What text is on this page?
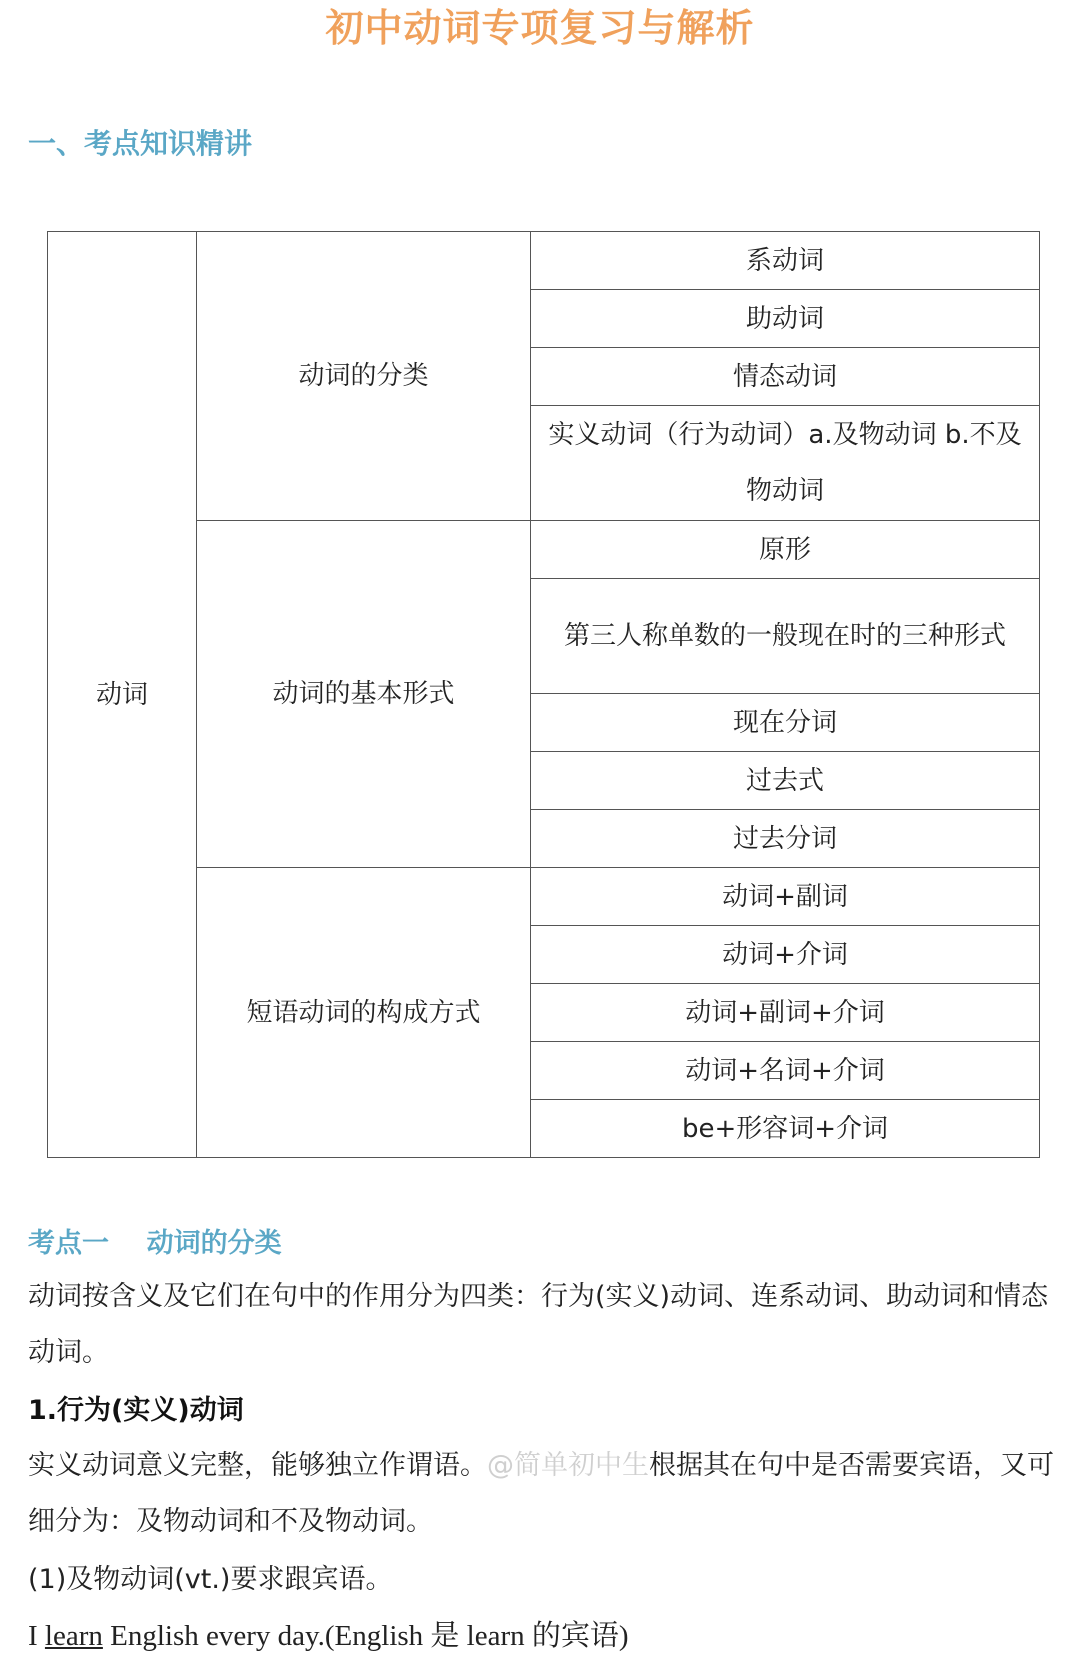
初中动词专项复习与解析
一、考点知识精讲
动词	动词的分类	系动词
		助动词
		情态动词
		实义动词（行为动词）a.及物动词 b.不及物动词
	动词的基本形式	原形
		第三人称单数的一般现在时的三种形式
		现在分词
		过去式
		过去分词
	短语动词的构成方式	动词+副词
		动词+介词
		动词+副词+介词
		动词+名词+介词
		be+形容词+介词
考点一    动词的分类
动词按含义及它们在句中的作用分为四类：行为(实义)动词、连系动词、助动词和情态动词。
1.行为(实义)动词
实义动词意义完整，能够独立作谓语。@简单初中生根据其在句中是否需要宾语，又可细分为：及物动词和不及物动词。
(1)及物动词(vt.)要求跟宾语。
I learn English every day.(English 是 learn 的宾语)
